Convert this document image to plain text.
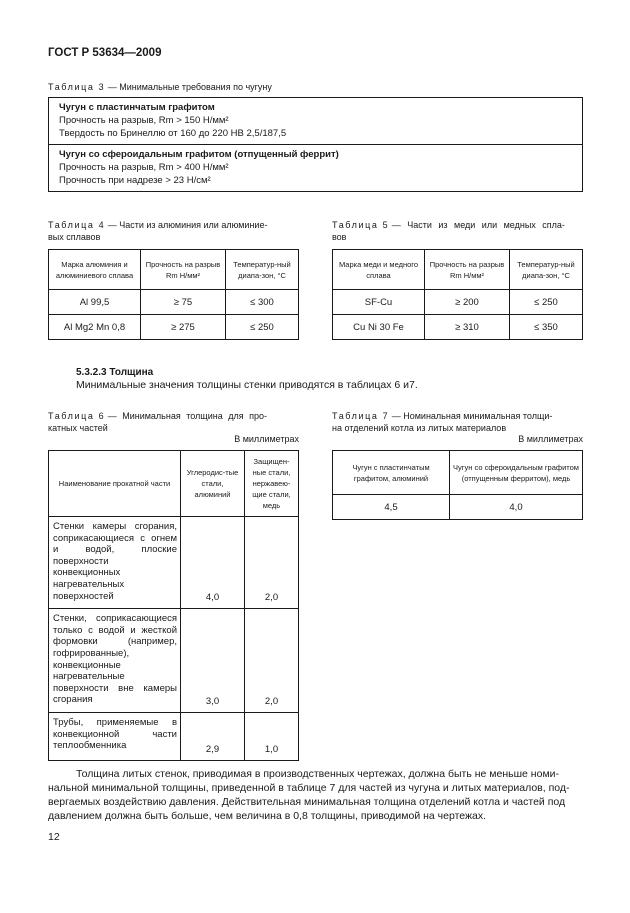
ГОСТ Р 53634—2009
Таблица 3 — Минимальные требования по чугуну
Чугун с пластинчатым графитом
Прочность на разрыв, Rm > 150 Н/мм²
Твердость по Бринеллю от 160 до 220 HB 2,5/187,5

Чугун со сфероидальным графитом (отпущенный феррит)
Прочность на разрыв, Rm > 400 Н/мм²
Прочность при надрезе > 23 Н/см²
Таблица 4 — Части из алюминия или алюминие-
вых сплавов
Марка алюминия и алюминиевого сплава	Прочность на разрыв Rm Н/мм²	Температур-ный диапа-зон, °С
Al 99,5	≥ 75	≤ 300
Al Mg2 Mn 0,8	≥ 275	≤ 250
Таблица 5 — Части из меди или медных спла-
вов
Марка меди и медного сплава	Прочность на разрыв Rm Н/мм²	Температур-ный диапа-зон, °С
SF-Cu	≥ 200	≤ 250
Cu Ni 30 Fe	≥ 310	≤ 350
5.3.2.3 Толщина
Минимальные значения толщины стенки приводятся в таблицах 6 и7.
Таблица 6 — Минимальная толщина для про-
катных частей
В миллиметрах
Наименование прокатной части	Углеродис-тые стали, алюминий	Защищен-ные стали, нержавею-щие стали, медь
Стенки камеры сгорания, соприкасающиеся с огнем и водой, плоские поверхности конвекционных нагревательных поверхностей	4,0	2,0
Стенки, соприкасающиеся только с водой и жесткой формовки (например, гофрированные), конвекционные нагревательные поверхности вне камеры сгорания	3,0	2,0
Трубы, применяемые в конвекционной части теплообменника	2,9	1,0
Таблица 7 — Номинальная минимальная толщи-
на отделений котла из литых материалов
В миллиметрах
Чугун с пластинчатым графитом, алюминий	Чугун со сфероидальным графитом (отпущенным ферритом), медь
4,5	4,0
Толщина литых стенок, приводимая в производственных чертежах, должна быть не меньше номи-
нальной минимальной толщины, приведенной в таблице 7 для частей из чугуна и литых материалов, под-
вергаемых воздействию давления. Действительная минимальная толщина отделений котла и частей под
давлением должна быть больше, чем величина в 0,8 толщины, приводимой на чертежах.
12
